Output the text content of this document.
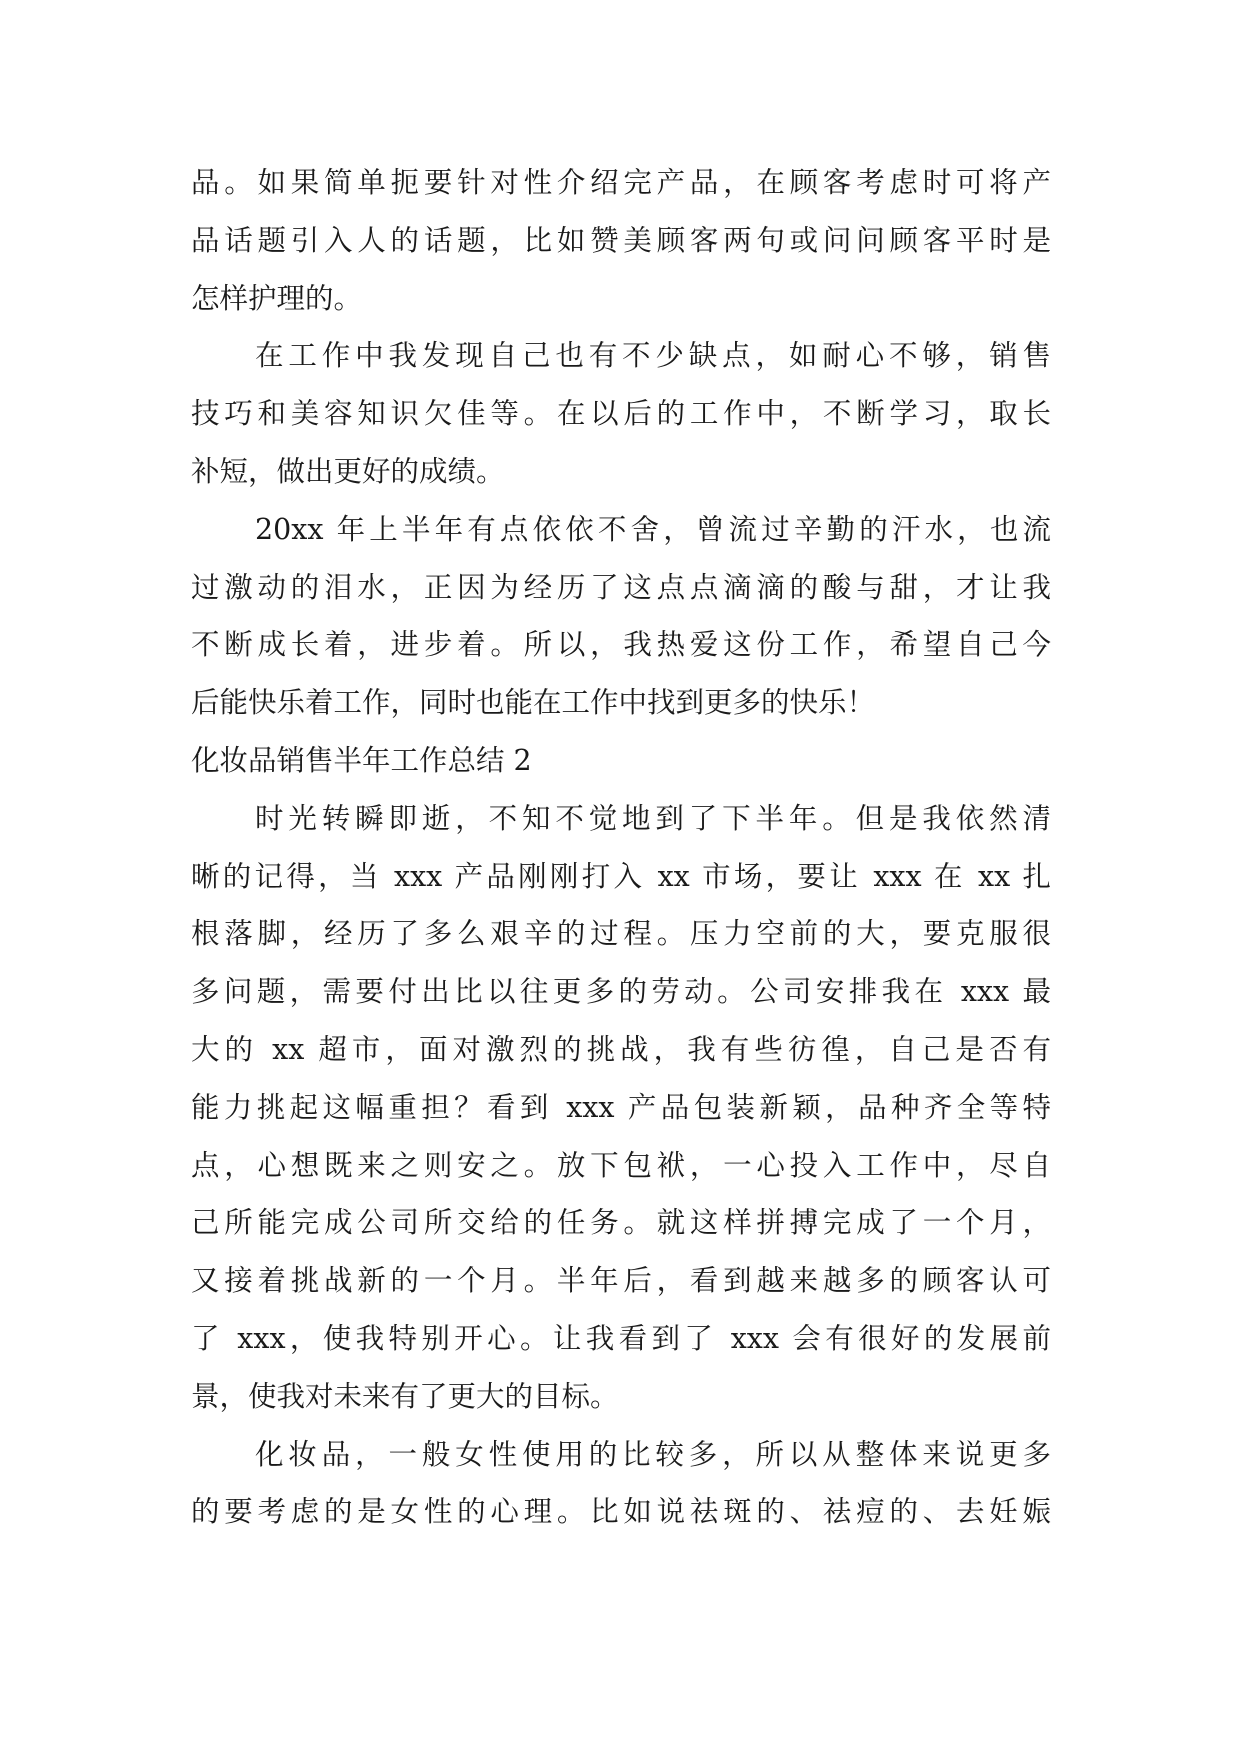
品。如果简单扼要针对性介绍完产品，在顾客考虑时可将产
品话题引入人的话题，比如赞美顾客两句或问问顾客平时是
怎样护理的。
在工作中我发现自己也有不少缺点，如耐心不够，销售
技巧和美容知识欠佳等。在以后的工作中，不断学习，取长
补短，做出更好的成绩。
20xx 年上半年有点依依不舍，曾流过辛勤的汗水，也流
过激动的泪水，正因为经历了这点点滴滴的酸与甜，才让我
不断成长着，进步着。所以，我热爱这份工作，希望自己今
后能快乐着工作，同时也能在工作中找到更多的快乐！
化妆品销售半年工作总结 2
时光转瞬即逝，不知不觉地到了下半年。但是我依然清
晰的记得，当 xxx 产品刚刚打入 xx 市场，要让 xxx 在 xx 扎
根落脚，经历了多么艰辛的过程。压力空前的大，要克服很
多问题，需要付出比以往更多的劳动。公司安排我在 xxx 最
大的 xx 超市，面对激烈的挑战，我有些彷徨，自己是否有
能力挑起这幅重担？看到 xxx 产品包装新颖，品种齐全等特
点，心想既来之则安之。放下包袱，一心投入工作中，尽自
己所能完成公司所交给的任务。就这样拼搏完成了一个月，
又接着挑战新的一个月。半年后，看到越来越多的顾客认可
了 xxx，使我特别开心。让我看到了 xxx 会有很好的发展前
景，使我对未来有了更大的目标。
化妆品，一般女性使用的比较多，所以从整体来说更多
的要考虑的是女性的心理。比如说祛斑的、祛痘的、去妊娠
